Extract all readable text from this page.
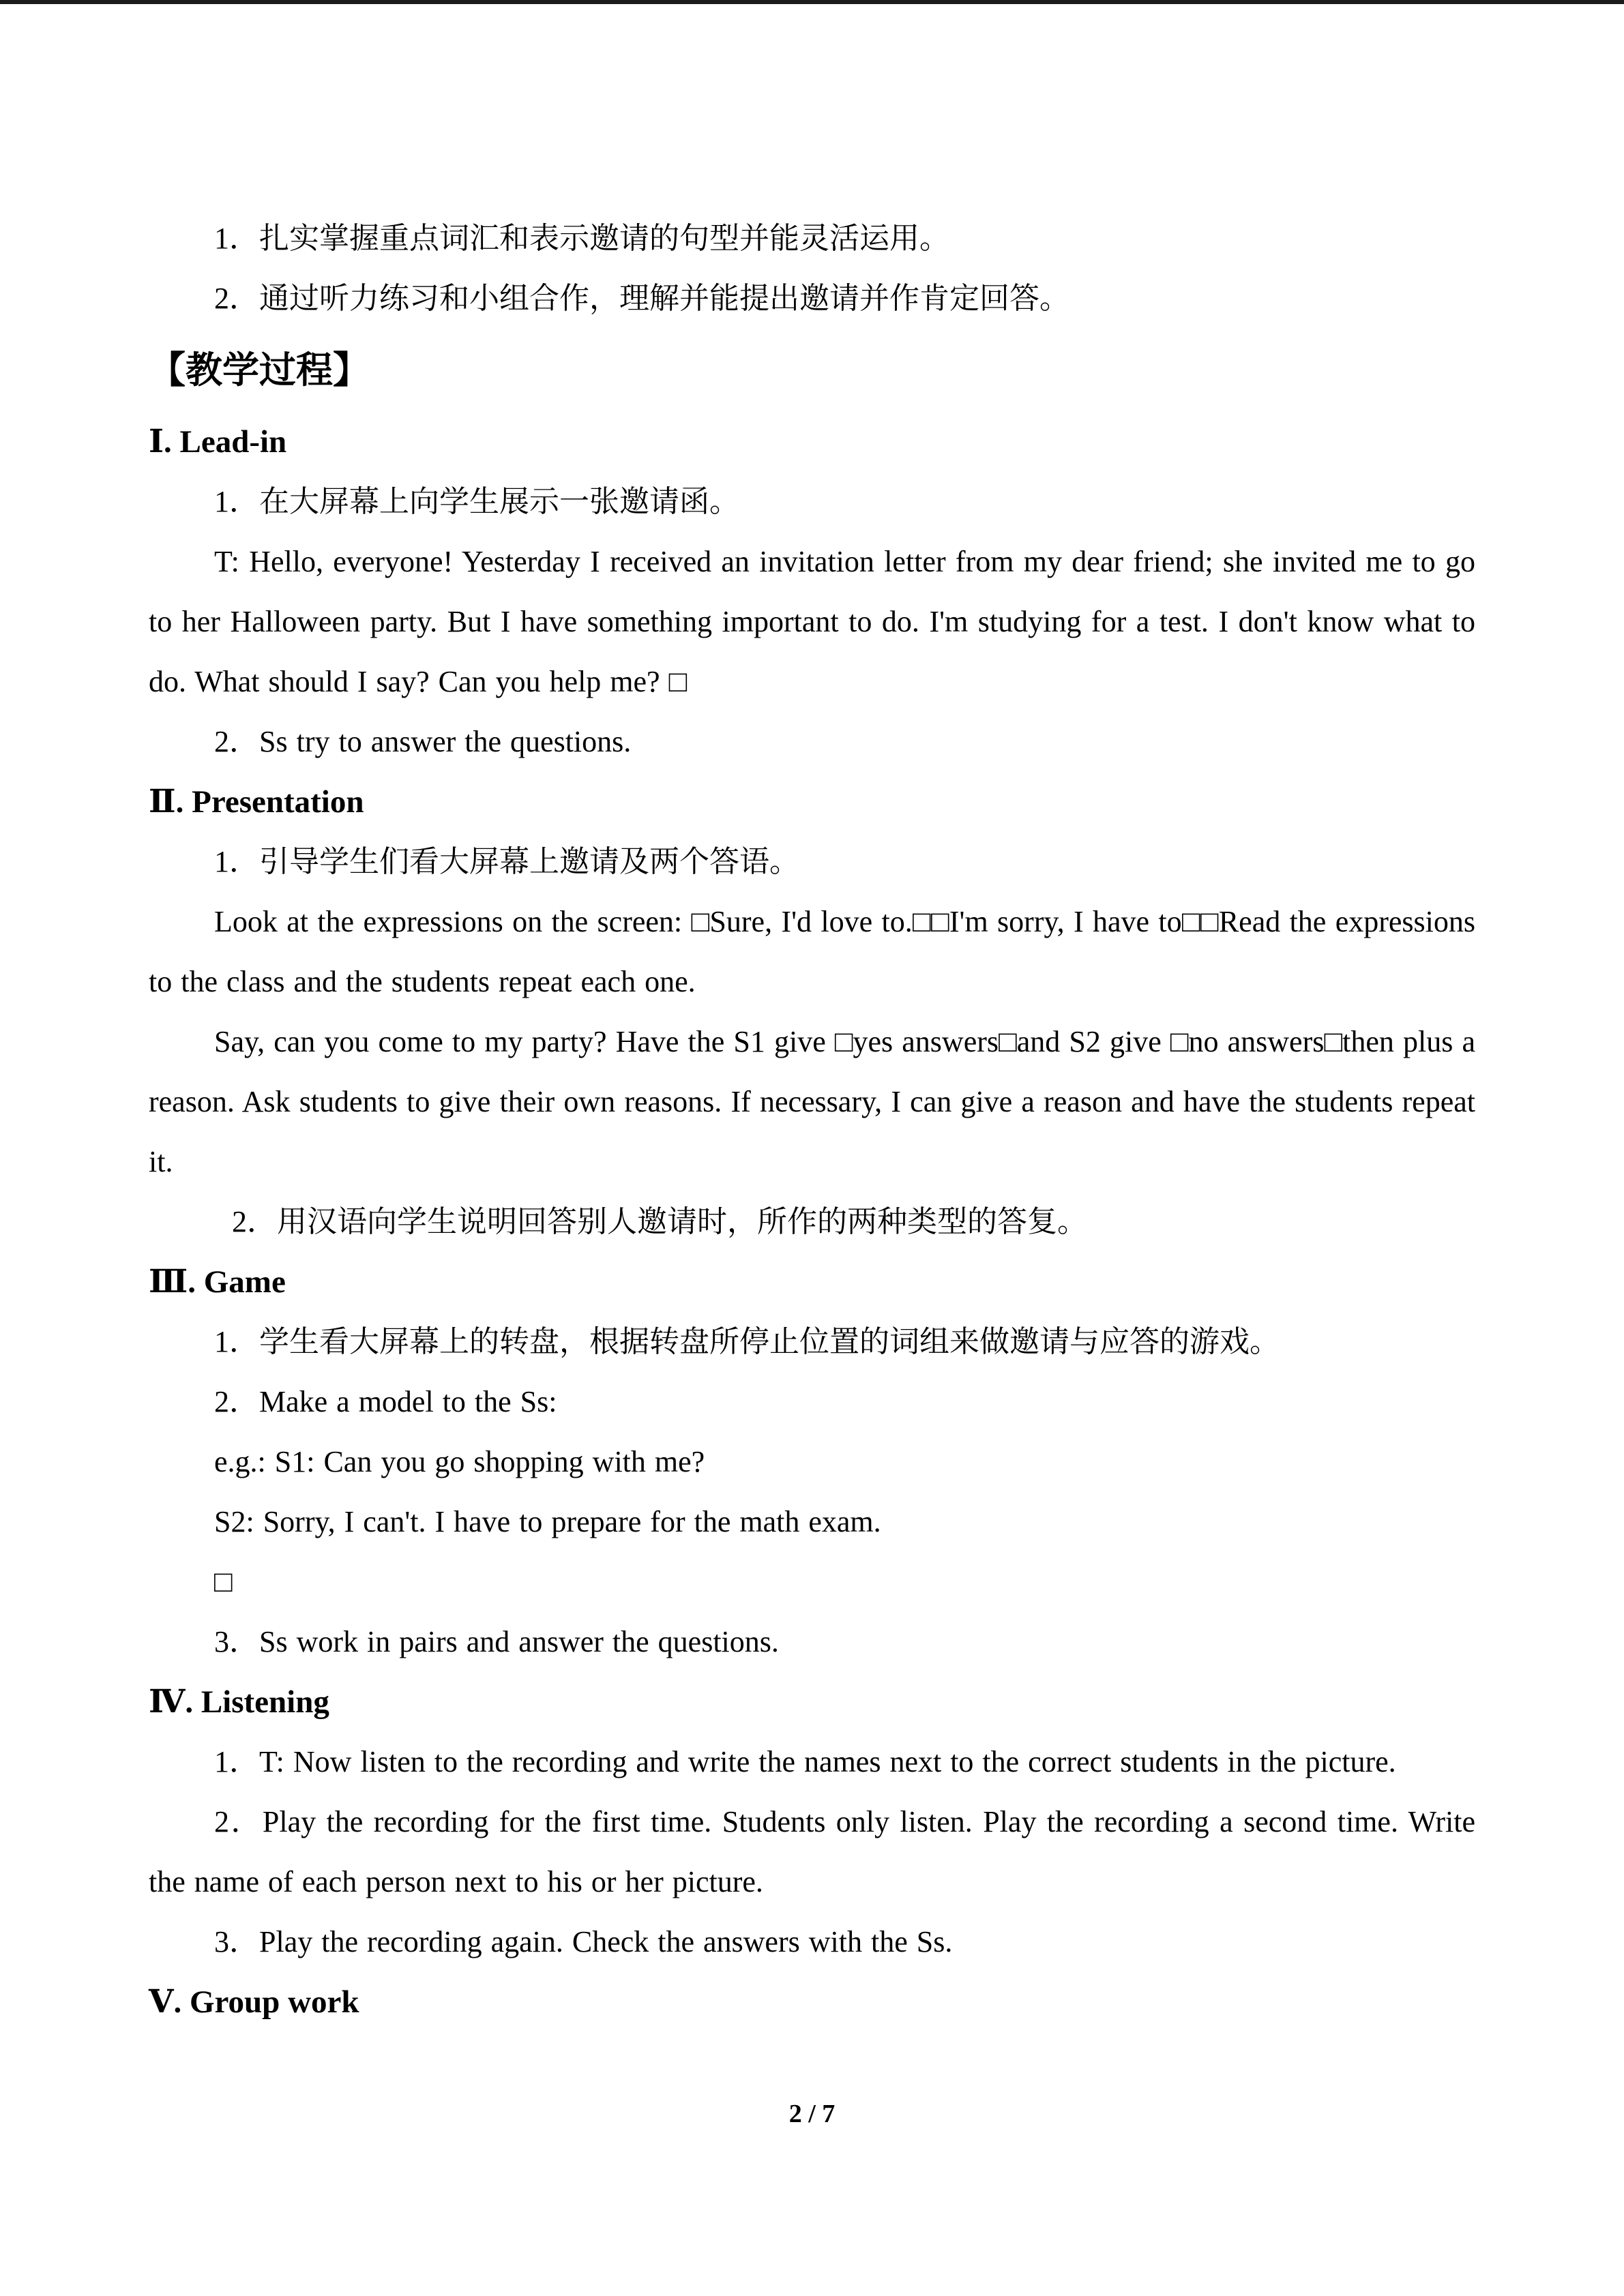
1．扎实掌握重点词汇和表示邀请的句型并能灵活运用。

2．通过听力练习和小组合作，理解并能提出邀请并作肯定回答。

【教学过程】
Ⅰ. Lead-in

1．在大屏幕上向学生展示一张邀请函。

T: Hello, everyone! Yesterday I received an invitation letter from my dear friend; she invited me to go to her Halloween party. But I have something important to do. I'm studying for a test. I don't know what to do. What should I say? Can you help me? □

2．Ss try to answer the questions.

Ⅱ. Presentation

1．引导学生们看大屏幕上邀请及两个答语。

Look at the expressions on the screen: □Sure, I'd love to.□□I'm sorry, I have to□□Read the expressions to the class and the students repeat each one.

Say, can you come to my party? Have the S1 give □yes answers□and S2 give □no answers□then plus a reason. Ask students to give their own reasons. If necessary, I can give a reason and have the students repeat it.

2．用汉语向学生说明回答别人邀请时，所作的两种类型的答复。

Ⅲ. Game

1．学生看大屏幕上的转盘，根据转盘所停止位置的词组来做邀请与应答的游戏。

2．Make a model to the Ss:

e.g.: S1: Can you go shopping with me?

S2: Sorry, I can't. I have to prepare for the math exam.

□

3．Ss work in pairs and answer the questions.

Ⅳ. Listening

1．T: Now listen to the recording and write the names next to the correct students in the picture.

2．Play the recording for the first time. Students only listen. Play the recording a second time. Write the name of each person next to his or her picture.

3．Play the recording again. Check the answers with the Ss.

Ⅴ. Group work
2 / 7
